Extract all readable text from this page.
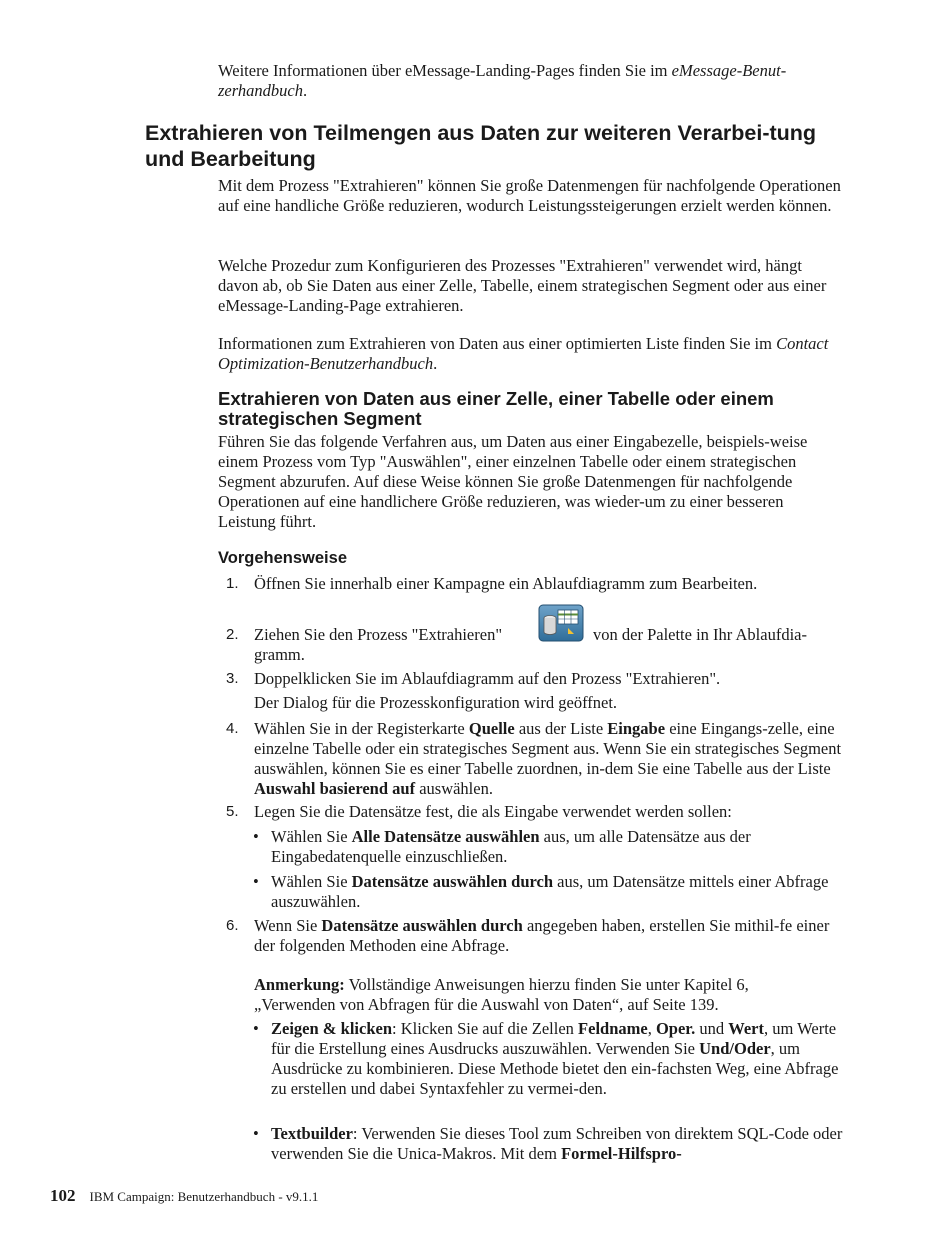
Weitere Informationen über eMessage-Landing-Pages finden Sie im eMessage-Benut-zerhandbuch.

Extrahieren von Teilmengen aus Daten zur weiteren Verarbei-tung und Bearbeitung

Mit dem Prozess "Extrahieren" können Sie große Datenmengen für nachfolgende Operationen auf eine handliche Größe reduzieren, wodurch Leistungssteigerungen erzielt werden können.

Welche Prozedur zum Konfigurieren des Prozesses "Extrahieren" verwendet wird, hängt davon ab, ob Sie Daten aus einer Zelle, Tabelle, einem strategischen Segment oder aus einer eMessage-Landing-Page extrahieren.

Informationen zum Extrahieren von Daten aus einer optimierten Liste finden Sie im Contact Optimization-Benutzerhandbuch.

Extrahieren von Daten aus einer Zelle, einer Tabelle oder einem strategischen Segment

Führen Sie das folgende Verfahren aus, um Daten aus einer Eingabezelle, beispiels-weise einem Prozess vom Typ "Auswählen", einer einzelnen Tabelle oder einem strategischen Segment abzurufen. Auf diese Weise können Sie große Datenmengen für nachfolgende Operationen auf eine handlichere Größe reduzieren, was wieder-um zu einer besseren Leistung führt.

Vorgehensweise
1. Öffnen Sie innerhalb einer Kampagne ein Ablaufdiagramm zum Bearbeiten.
2. Ziehen Sie den Prozess "Extrahieren"	von der Palette in Ihr Ablaufdia-
gramm.
3. Doppelklicken Sie im Ablaufdiagramm auf den Prozess "Extrahieren".
Der Dialog für die Prozesskonfiguration wird geöffnet.
4. Wählen Sie in der Registerkarte Quelle aus der Liste Eingabe eine Eingangs-zelle, eine einzelne Tabelle oder ein strategisches Segment aus. Wenn Sie ein strategisches Segment auswählen, können Sie es einer Tabelle zuordnen, in-dem Sie eine Tabelle aus der Liste Auswahl basierend auf auswählen.
5. Legen Sie die Datensätze fest, die als Eingabe verwendet werden sollen:
• Wählen Sie Alle Datensätze auswählen aus, um alle Datensätze aus der Eingabedatenquelle einzuschließen.
• Wählen Sie Datensätze auswählen durch aus, um Datensätze mittels einer Abfrage auszuwählen.
6. Wenn Sie Datensätze auswählen durch angegeben haben, erstellen Sie mithil-fe einer der folgenden Methoden eine Abfrage.

Anmerkung: Vollständige Anweisungen hierzu finden Sie unter Kapitel 6, „Verwenden von Abfragen für die Auswahl von Daten“, auf Seite 139.

• Zeigen & klicken: Klicken Sie auf die Zellen Feldname, Oper. und Wert, um Werte für die Erstellung eines Ausdrucks auszuwählen. Verwenden Sie Und/Oder, um Ausdrücke zu kombinieren. Diese Methode bietet den ein-fachsten Weg, eine Abfrage zu erstellen und dabei Syntaxfehler zu vermei-den.
• Textbuilder: Verwenden Sie dieses Tool zum Schreiben von direktem SQL-Code oder verwenden Sie die Unica-Makros. Mit dem Formel-Hilfspro-
102 IBM Campaign: Benutzerhandbuch - v9.1.1
